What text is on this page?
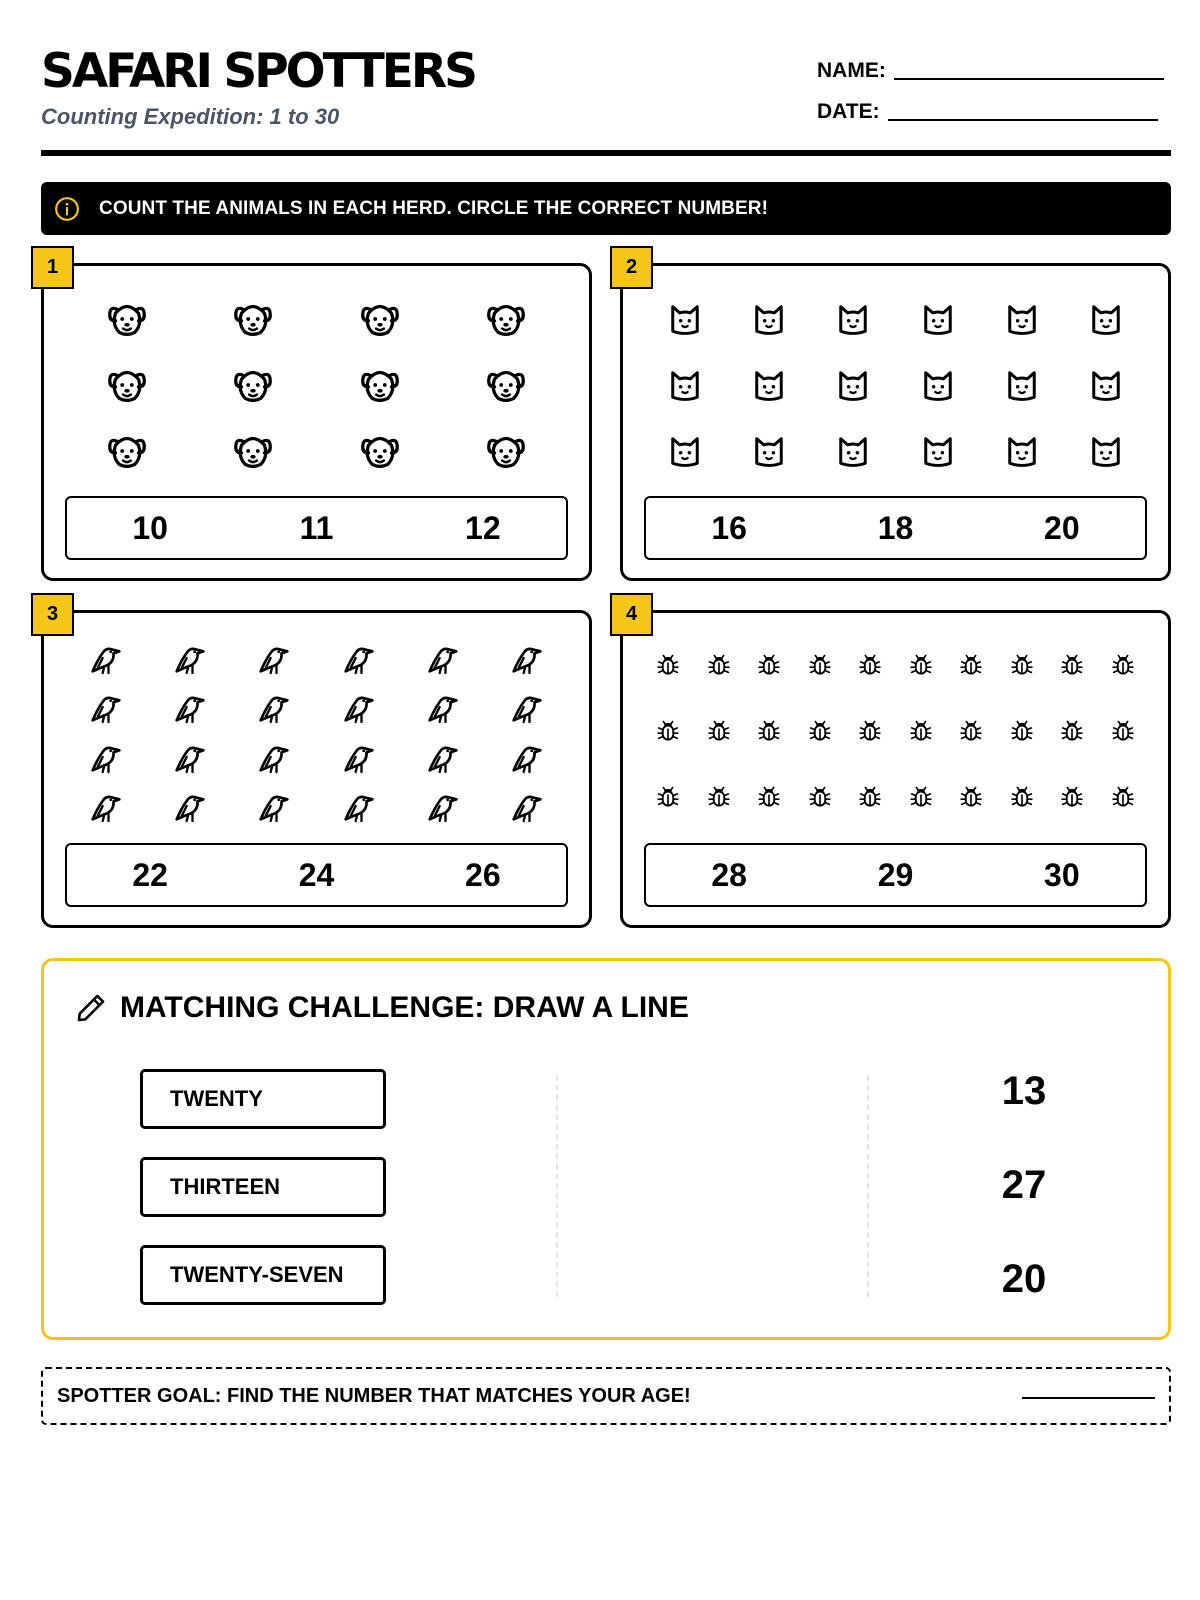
SAFARI SPOTTERS
Counting Expedition: 1 to 30
NAME:
DATE:
COUNT THE ANIMALS IN EACH HERD. CIRCLE THE CORRECT NUMBER!
1
10	11	12
2
16	18	20
3
22	24	26
4
28	29	30
MATCHING CHALLENGE: DRAW A LINE
TWENTY
THIRTEEN
TWENTY-SEVEN
13
27
20
SPOTTER GOAL: FIND THE NUMBER THAT MATCHES YOUR AGE!
